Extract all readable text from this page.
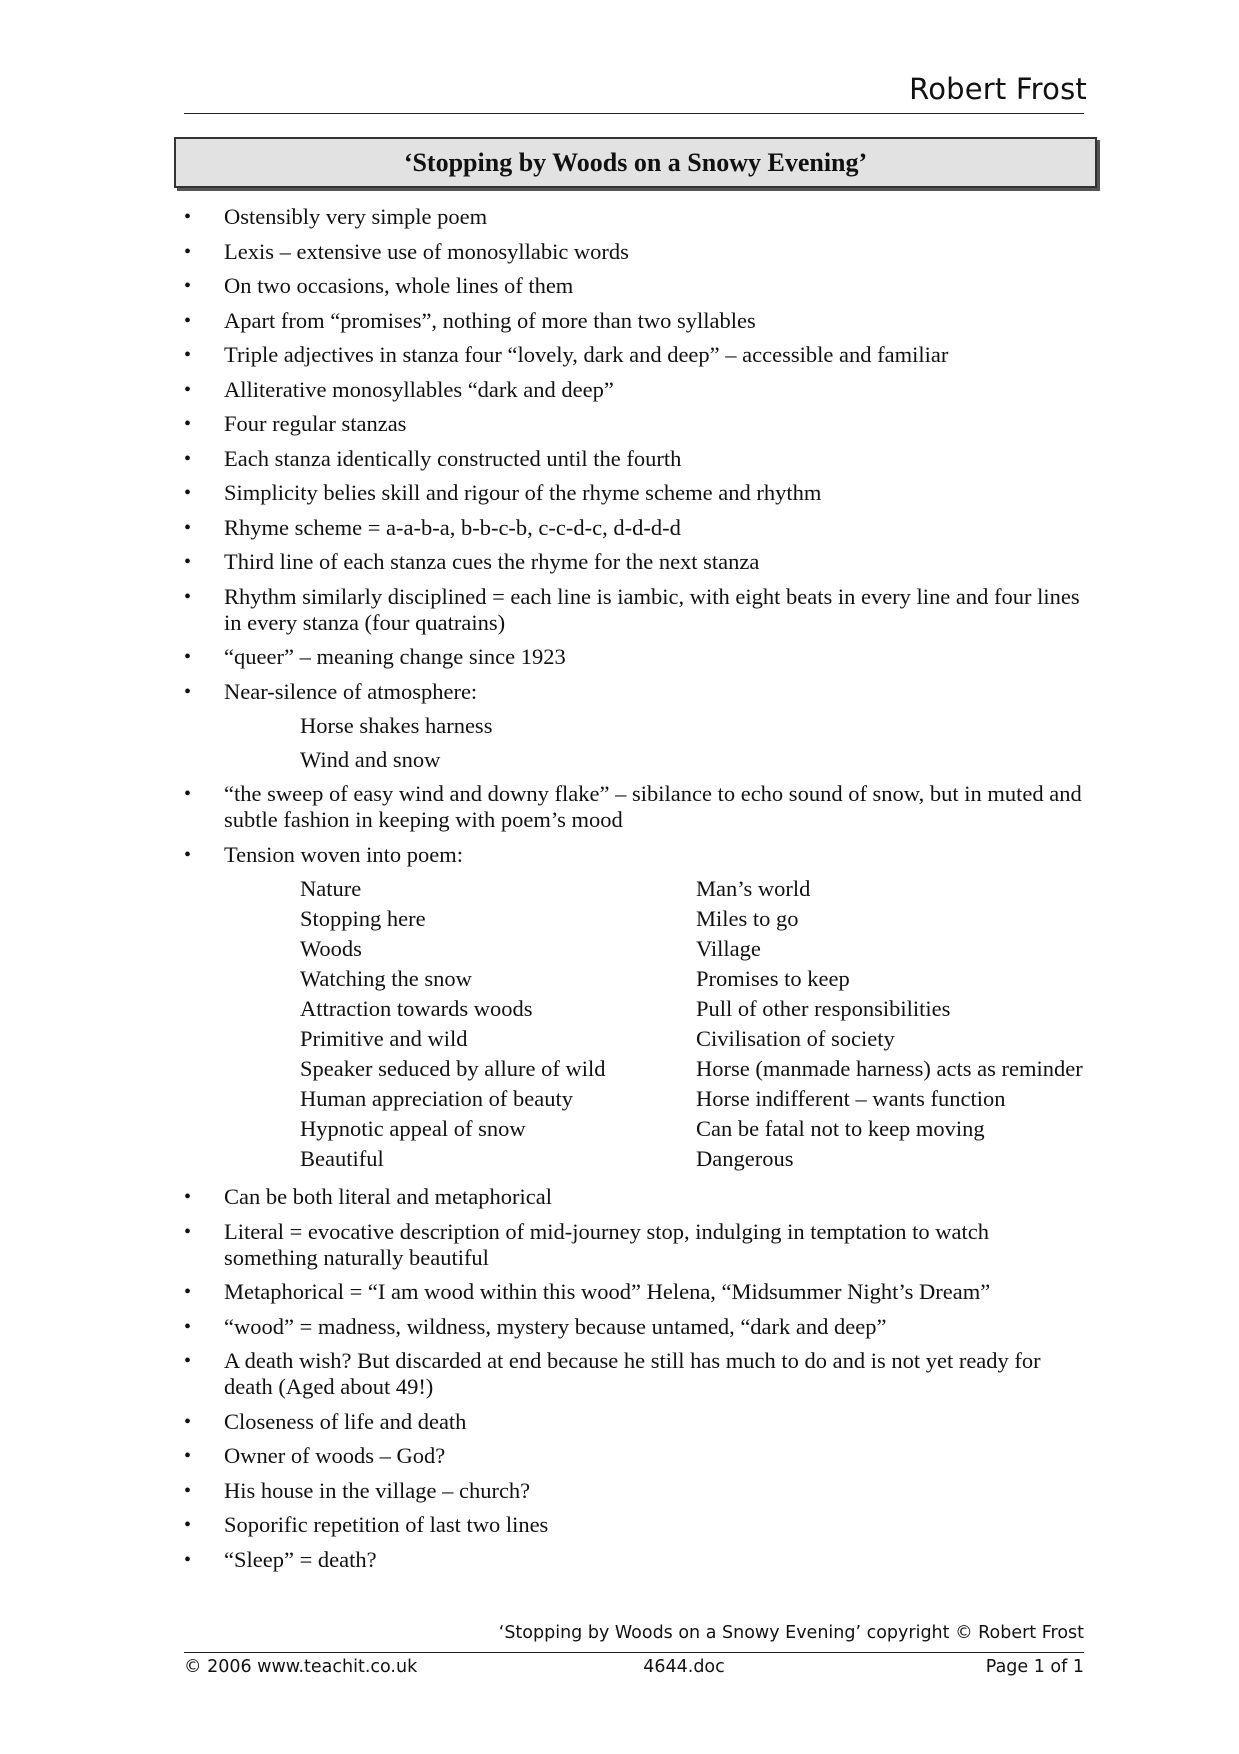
Robert Frost
‘Stopping by Woods on a Snowy Evening’
• Ostensibly very simple poem
• Lexis – extensive use of monosyllabic words
• On two occasions, whole lines of them
• Apart from “promises”, nothing of more than two syllables
• Triple adjectives in stanza four “lovely, dark and deep” – accessible and familiar
• Alliterative monosyllables “dark and deep”
• Four regular stanzas
• Each stanza identically constructed until the fourth
• Simplicity belies skill and rigour of the rhyme scheme and rhythm
• Rhyme scheme = a-a-b-a, b-b-c-b, c-c-d-c, d-d-d-d
• Third line of each stanza cues the rhyme for the next stanza
• Rhythm similarly disciplined = each line is iambic, with eight beats in every line and four lines in every stanza (four quatrains)
• “queer” – meaning change since 1923
• Near-silence of atmosphere:
Horse shakes harness
Wind and snow
• “the sweep of easy wind and downy flake” – sibilance to echo sound of snow, but in muted and subtle fashion in keeping with poem’s mood
• Tension woven into poem:
Nature	Man’s world
Stopping here	Miles to go
Woods	Village
Watching the snow	Promises to keep
Attraction towards woods	Pull of other responsibilities
Primitive and wild	Civilisation of society
Speaker seduced by allure of wild	Horse (manmade harness) acts as reminder
Human appreciation of beauty	Horse indifferent – wants function
Hypnotic appeal of snow	Can be fatal not to keep moving
Beautiful	Dangerous
• Can be both literal and metaphorical
• Literal = evocative description of mid-journey stop, indulging in temptation to watch something naturally beautiful
• Metaphorical = “I am wood within this wood” Helena, “Midsummer Night’s Dream”
• “wood” = madness, wildness, mystery because untamed, “dark and deep”
• A death wish? But discarded at end because he still has much to do and is not yet ready for death (Aged about 49!)
• Closeness of life and death
• Owner of woods – God?
• His house in the village – church?
• Soporific repetition of last two lines
• “Sleep” = death?
‘Stopping by Woods on a Snowy Evening’ copyright © Robert Frost
© 2006 www.teachit.co.uk	4644.doc	Page 1 of 1
